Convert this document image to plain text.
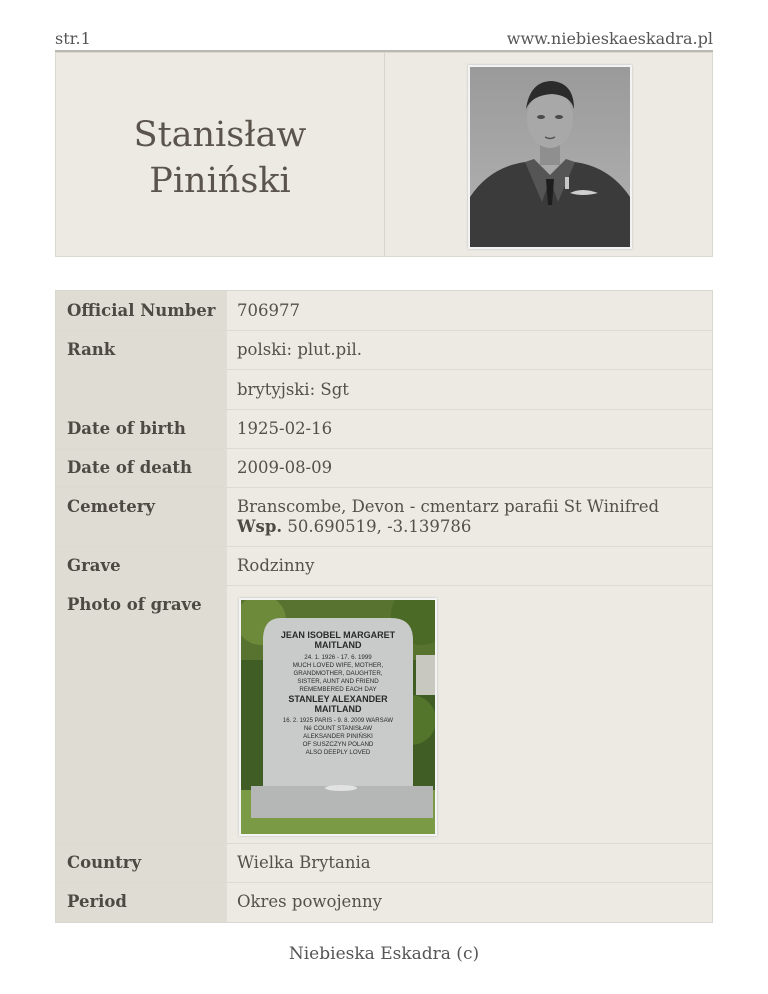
str.1	www.niebieskaeskadra.pl
Stanisław
Piniński
Official Number 706977
Rank	polski: plut.pil.
brytyjski: Sgt
Date of birth	1925-02-16
Date of death	2009-08-09
Cemetery	Branscombe, Devon - cmentarz parafii St Winifred
Wsp. 50.690519, -3.139786
Grave	Rodzinny
Photo of grave
JEAN ISOBEL MARGARET
MAITLAND
24. 1. 1926 - 17. 6. 1999
MUCH LOVED WIFE, MOTHER,
GRANDMOTHER, DAUGHTER,
SISTER, AUNT AND FRIEND
REMEMBERED EACH DAY
STANLEY ALEXANDER
MAITLAND
16. 2. 1925 PARIS - 9. 8. 2009 WARSAW
Né COUNT STANISŁAW
ALEKSANDER PINIŃSKI
OF SUSZCZYN POLAND
ALSO DEEPLY LOVED
Country	Wielka Brytania
Period	Okres powojenny
Niebieska Eskadra (c)
